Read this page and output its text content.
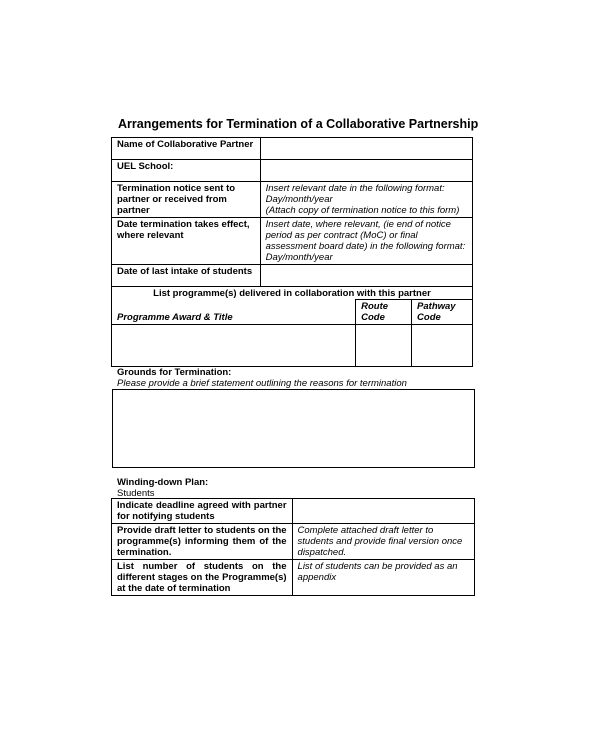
Arrangements for Termination of a Collaborative Partnership
Name of Collaborative Partner			
UEL School:			
Termination notice sent to partner or received from partner	Insert relevant date in the following format: Day/month/year
(Attach copy of termination notice to this form)		

Date termination takes effect, where relevant	Insert date, where relevant, (ie end of notice period as per contract (MoC) or final assessment board date) in the following format: Day/month/year		
Date of last intake of students			
List programme(s) delivered in collaboration with this partner			
Programme Award & Title		Route Code	Pathway Code

Grounds for Termination:
Please provide a brief statement outlining the reasons for termination
Winding-down Plan:
Students
Indicate deadline agreed with partner for notifying students	
Provide draft letter to students on the programme(s) informing them of the termination.	Complete attached draft letter to students and provide final version once dispatched.
List number of students on the different stages on the Programme(s) at the date of termination	List of students can be provided as an appendix
